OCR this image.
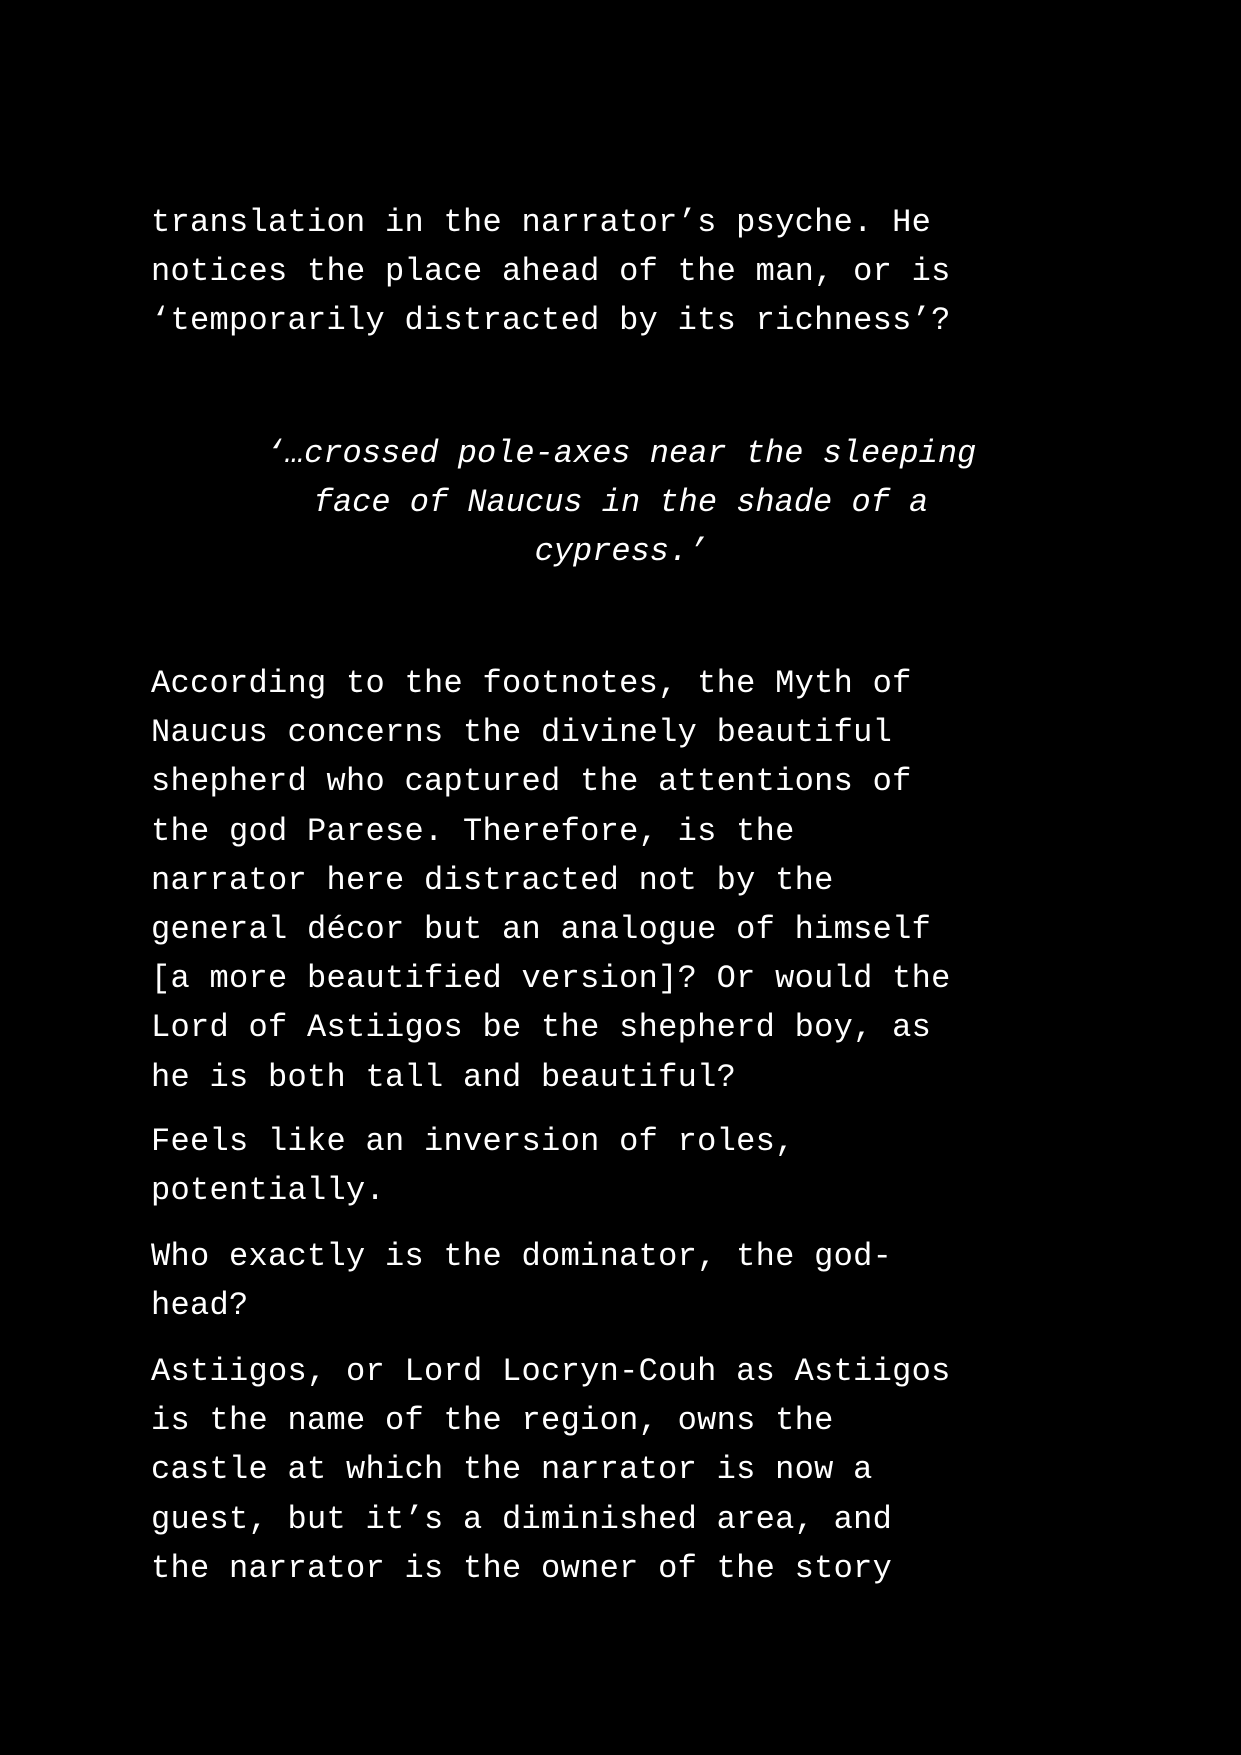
translation in the narrator’s psyche. He
notices the place ahead of the man, or is
‘temporarily distracted by its richness’?

‘…crossed pole-axes near the sleeping
face of Naucus in the shade of a
cypress.’

According to the footnotes, the Myth of
Naucus concerns the divinely beautiful
shepherd who captured the attentions of
the god Parese. Therefore, is the
narrator here distracted not by the
general décor but an analogue of himself
[a more beautified version]? Or would the
Lord of Astiigos be the shepherd boy, as
he is both tall and beautiful?

Feels like an inversion of roles,
potentially.

Who exactly is the dominator, the god-
head?

Astiigos, or Lord Locryn-Couh as Astiigos
is the name of the region, owns the
castle at which the narrator is now a
guest, but it’s a diminished area, and
the narrator is the owner of the story
